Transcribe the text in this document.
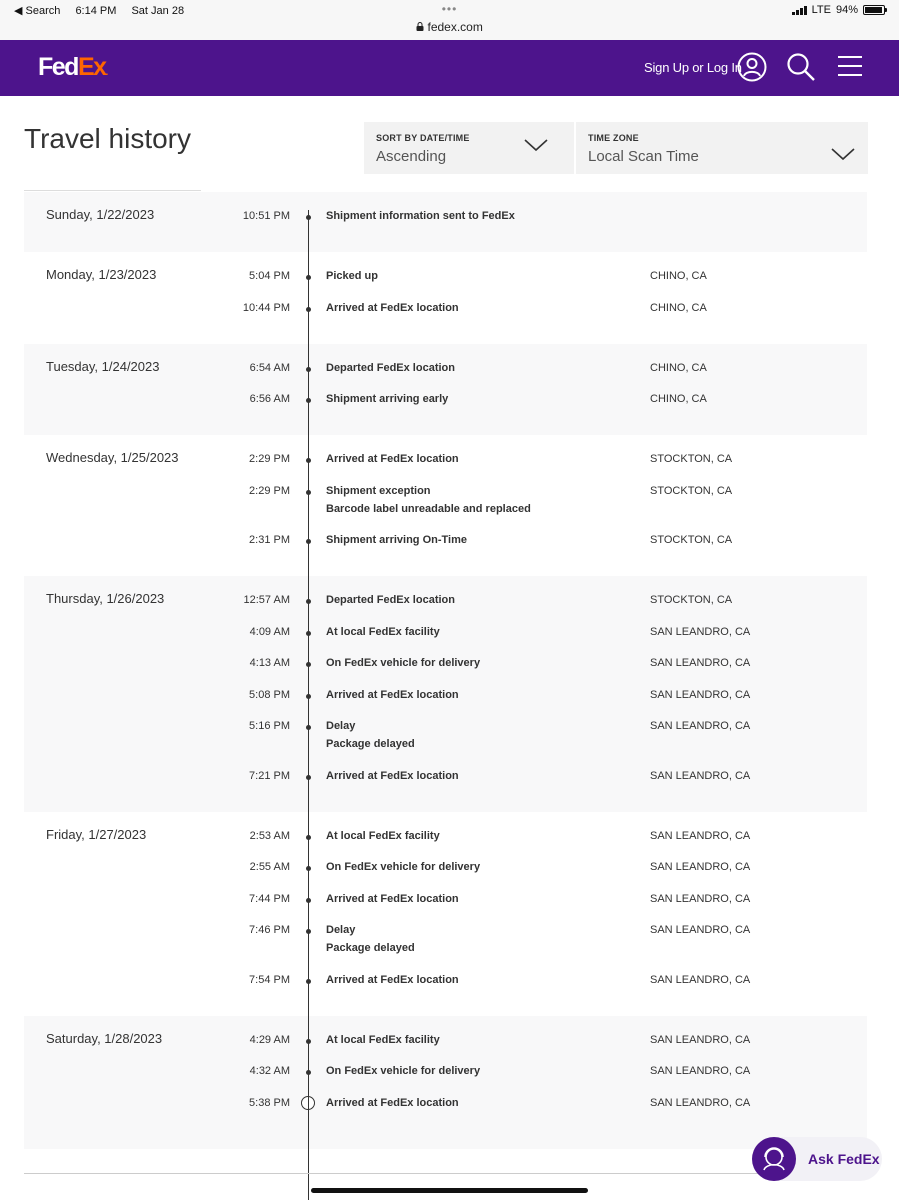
◀ Search 6:14 PM Sat Jan 28	•••
fedex.com
LTE 94%
FedEx.	Sign Up or Log In
Travel history	SORT BY DATE/TIME
Ascending
TIME ZONE
Local Scan Time
Sunday, 1/22/2023	10:51 PM	Shipment information sent to FedEx
Monday, 1/23/2023	5:04 PM	Picked up	CHINO, CA
10:44 PM	Arrived at FedEx location	CHINO, CA
Tuesday, 1/24/2023	6:54 AM	Departed FedEx location	CHINO, CA
6:56 AM	Shipment arriving early	CHINO, CA
Wednesday, 1/25/2023	2:29 PM	Arrived at FedEx location	STOCKTON, CA
2:29 PM	Shipment exception	STOCKTON, CA
Barcode label unreadable and replaced
2:31 PM	Shipment arriving On-Time	STOCKTON, CA
Thursday, 1/26/2023	12:57 AM	Departed FedEx location	STOCKTON, CA
4:09 AM	At local FedEx facility	SAN LEANDRO, CA
4:13 AM	On FedEx vehicle for delivery	SAN LEANDRO, CA
5:08 PM	Arrived at FedEx location	SAN LEANDRO, CA
5:16 PM	Delay	SAN LEANDRO, CA
Package delayed
7:21 PM	Arrived at FedEx location	SAN LEANDRO, CA
Friday, 1/27/2023	2:53 AM	At local FedEx facility	SAN LEANDRO, CA
2:55 AM	On FedEx vehicle for delivery	SAN LEANDRO, CA
7:44 PM	Arrived at FedEx location	SAN LEANDRO, CA
7:46 PM	Delay	SAN LEANDRO, CA
Package delayed
7:54 PM	Arrived at FedEx location	SAN LEANDRO, CA
Saturday, 1/28/2023	4:29 AM	At local FedEx facility	SAN LEANDRO, CA
4:32 AM	On FedEx vehicle for delivery	SAN LEANDRO, CA
5:38 PM	Arrived at FedEx location	SAN LEANDRO, CA
Ask FedEx
